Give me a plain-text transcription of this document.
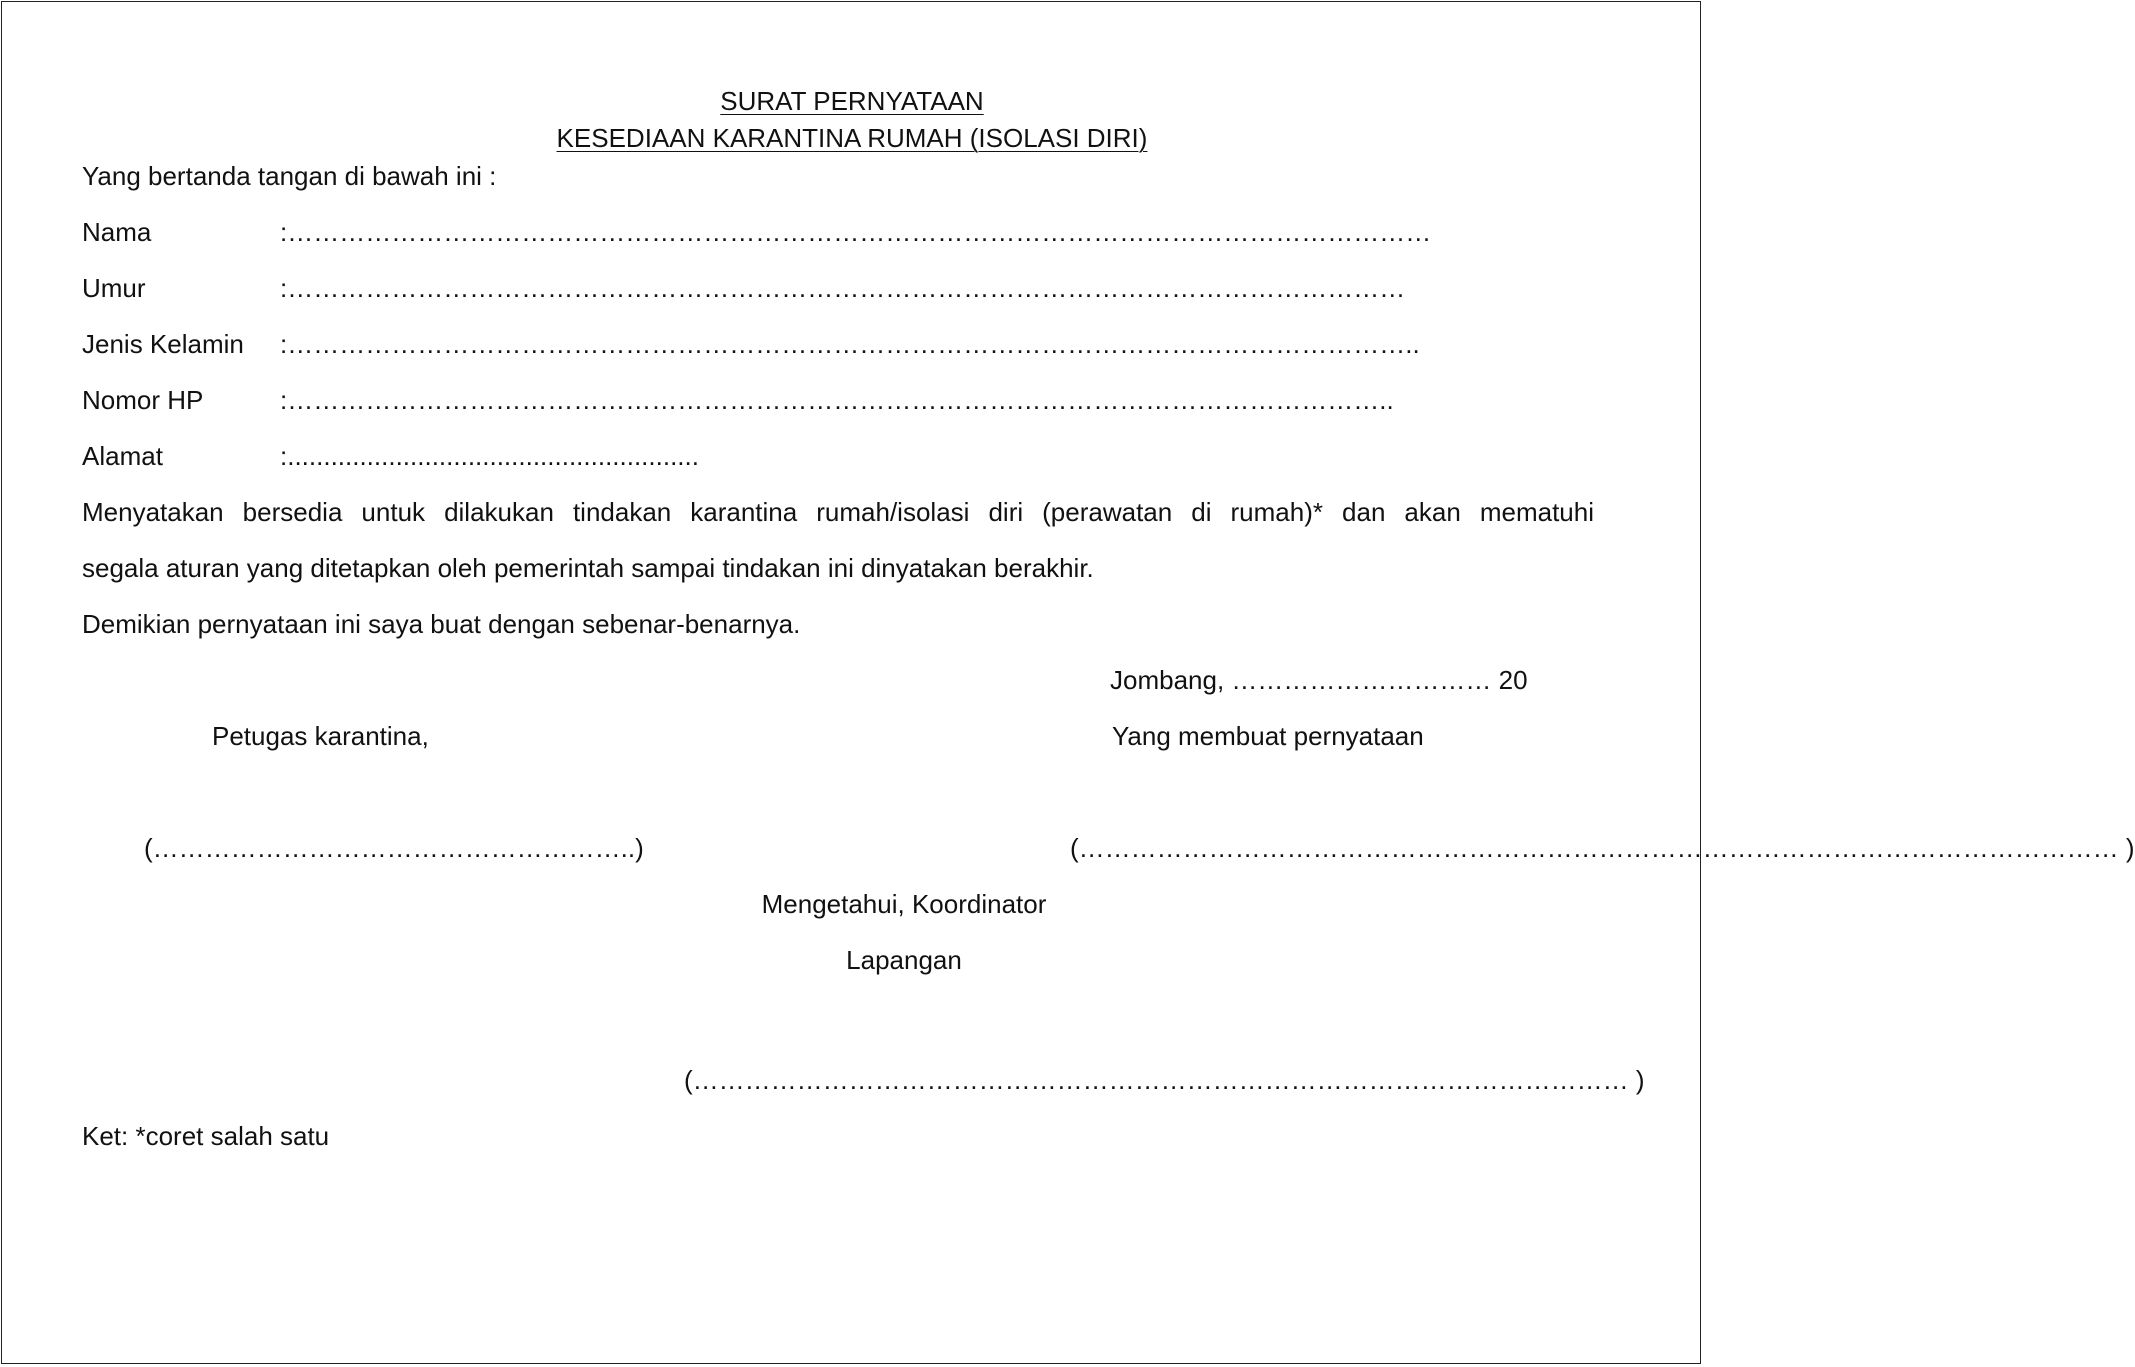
SURAT PERNYATAAN
KESEDIAAN KARANTINA RUMAH (ISOLASI DIRI)
Yang bertanda tangan di bawah ini :
Nama	:……………………………………………………………………………………………………………………
Umur	:…………………………………………………………………………………………………………………
Jenis Kelamin :…………………………………………………………………………………………………………………..
Nomor HP	:………………………………………………………………………………………………………………..
Alamat	:.........................................................
Menyatakan bersedia untuk dilakukan tindakan karantina rumah/isolasi diri (perawatan di rumah)* dan akan mematuhi
segala aturan yang ditetapkan oleh pemerintah sampai tindakan ini dinyatakan berakhir.
Demikian pernyataan ini saya buat dengan sebenar-benarnya.
Jombang, ………………………… 20
Petugas karantina,	Yang membuat pernyataan
(………………………………………………..)	(………………………………………………………………………………………………………… )
Mengetahui, Koordinator
Lapangan
(……………………………………………………………………………………………… )
Ket: *coret salah satu
